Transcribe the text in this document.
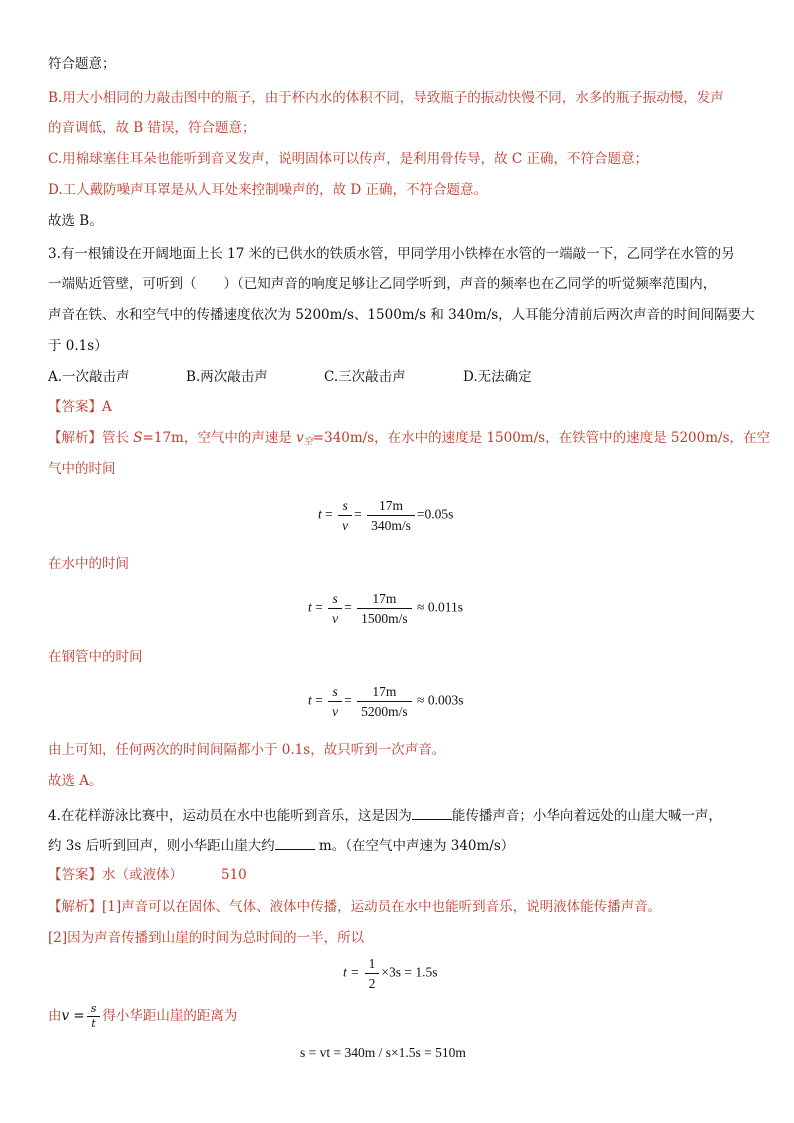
符合题意；
B.用大小相同的力敲击图中的瓶子，由于杯内水的体积不同，导致瓶子的振动快慢不同，水多的瓶子振动慢，发声
的音调低，故 B 错误，符合题意；
C.用棉球塞住耳朵也能听到音叉发声，说明固体可以传声，是利用骨传导，故 C 正确，不符合题意；
D.工人戴防噪声耳罩是从人耳处来控制噪声的，故 D 正确，不符合题意。
故选 B。
3.有一根铺设在开阔地面上长 17 米的已供水的铁质水管，甲同学用小铁棒在水管的一端敲一下，乙同学在水管的另
一端贴近管壁，可听到（　　）（已知声音的响度足够让乙同学听到，声音的频率也在乙同学的听觉频率范围内，
声音在铁、水和空气中的传播速度依次为 5200m/s、1500m/s 和 340m/s，人耳能分清前后两次声音的时间间隔要大
于 0.1s）
A.一次敲击声	B.两次敲击声	C.三次敲击声	D.无法确定
【答案】A
【解析】管长 S=17m，空气中的声速是 $v_空=340m/s$，在水中的速度是 1500m/s，在铁管中的速度是 5200m/s，在空
气中的时间
$t = \frac{s}{v} = \frac{17m}{340m/s} =0.05s$
在水中的时间
$t = \frac{s}{v} = \frac{17m}{1500m/s} \approx 0.011s$
在钢管中的时间
$t = \frac{s}{v} = \frac{17m}{5200m/s} \approx 0.003s$
由上可知，任何两次的时间间隔都小于 0.1s，故只听到一次声音。
故选 A。
4.在花样游泳比赛中，运动员在水中也能听到音乐，这是因为	能传播声音；小华向着远处的山崖大喊一声，
约 3s 后听到回声，则小华距山崖大约	m。（在空气中声速为 340m/s）
【答案】水（或液体）	510
【解析】[1]声音可以在固体、气体、液体中传播，运动员在水中也能听到音乐，说明液体能传播声音。
[2]因为声音传播到山崖的时间为总时间的一半，所以
$t = \frac{1}{2} \times 3s = 1.5s$
由$v = \frac{s}{t}$ 得小华距山崖的距离为
s = vt = 340m / s×1.5s = 510m
